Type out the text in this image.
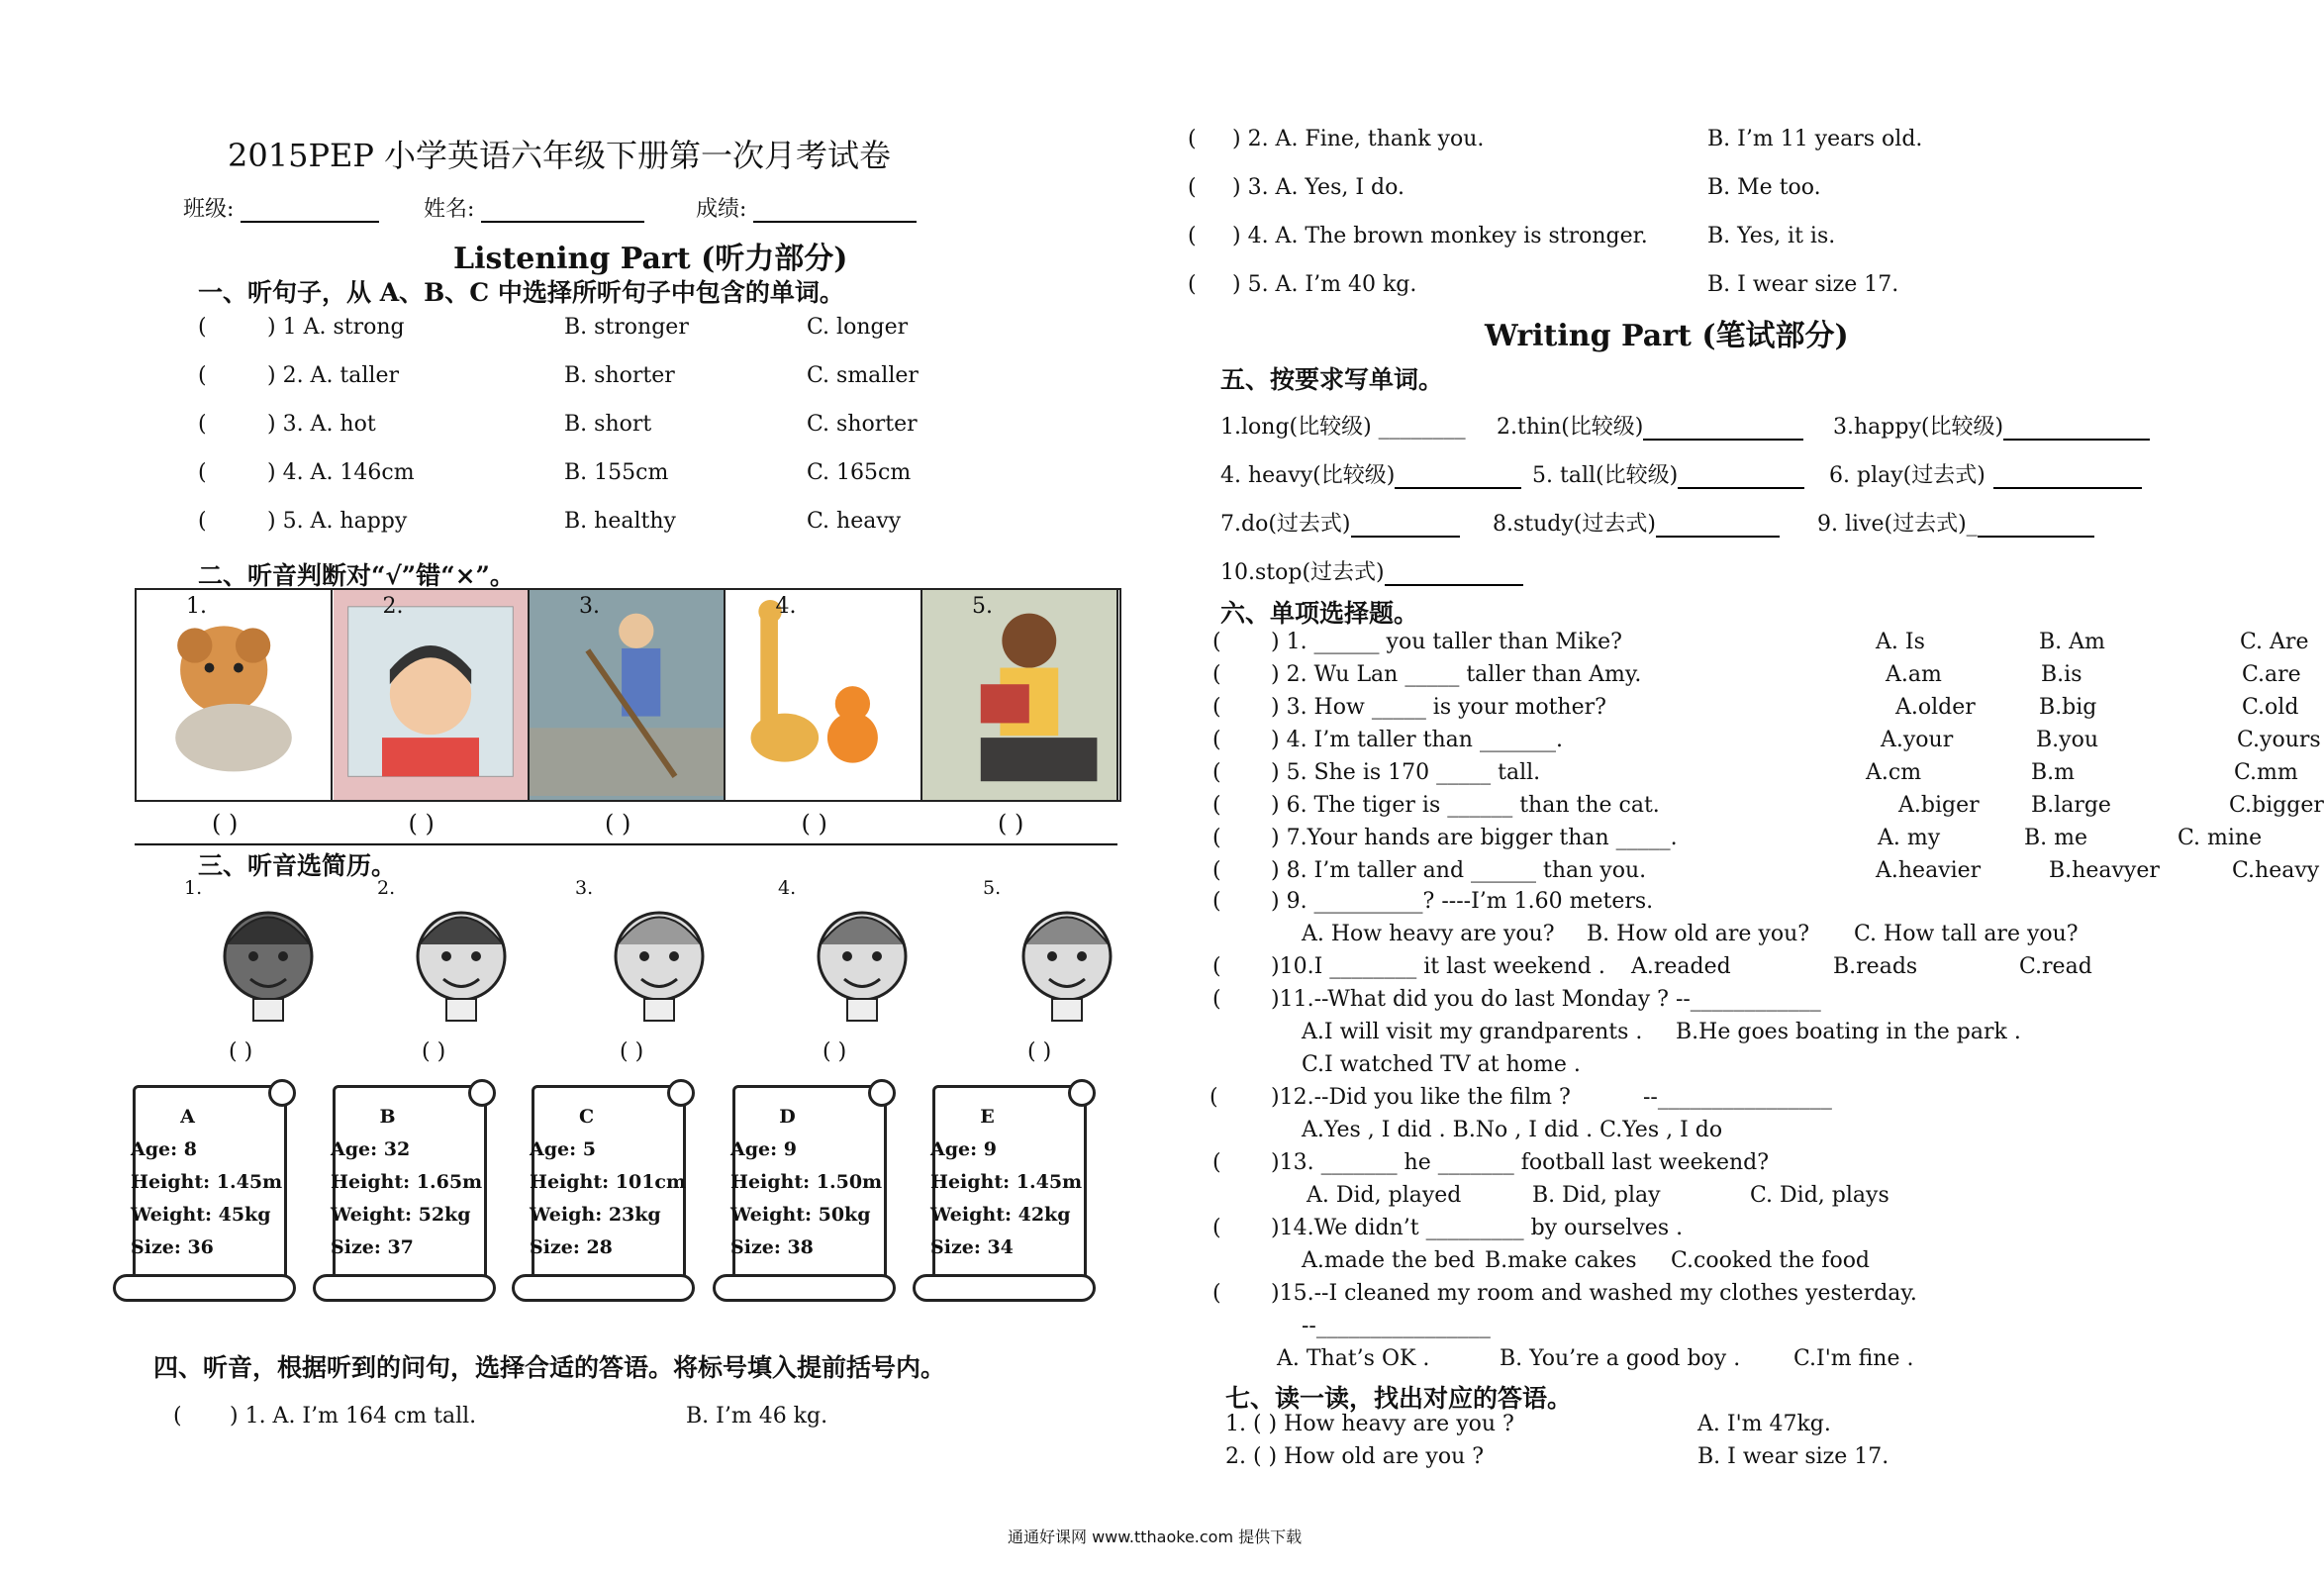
2015PEP 小学英语六年级下册第一次月考试卷
班级:	姓名:	成绩:
Listening Part (听力部分)
一、听句子，从 A、B、C 中选择所听句子中包含的单词。
(	) 1 A. strong	B. stronger	C. longer
(	) 2. A. taller	B. shorter	C. smaller
(	) 3. A. hot	B. short	C. shorter
(	) 4. A. 146cm	B. 155cm	C. 165cm
(	) 5. A. happy	B. healthy	C. heavy
二、听音判断对“√”错“×”。
1.	2.	3.	4.	5.
( )	( )	( )	( )	( )
三、听音选简历。
1.
( )
2.
( )
3.
( )
4.
( )
5.
( )
A
Age: 8
Height: 1.45m
Weight: 45kg
Size: 36
B
Age: 32
Height: 1.65m
Weight: 52kg
Size: 37
C
Age: 5
Height: 101cm
Weigh: 23kg
Size: 28
D
Age: 9
Height: 1.50m
Weight: 50kg
Size: 38
E
Age: 9
Height: 1.45m
Weight: 42kg
Size: 34
四、听音，根据听到的问句，选择合适的答语。将标号填入提前括号内。
( ) 1. A. I’m 164 cm tall.	B. I’m 46 kg.
( ) 2. A. Fine, thank you.	B. I’m 11 years old.
( ) 3. A. Yes, I do.	B. Me too.
( ) 4. A. The brown monkey is stronger.	B. Yes, it is.
( ) 5. A. I’m 40 kg.	B. I wear size 17.
Writing Part (笔试部分)
五、按要求写单词。
1.long(比较级) ________ 2.thin(比较级)	3.happy(比较级)
4. heavy(比较级)	5. tall(比较级)	6. play(过去式)
7.do(过去式)	8.study(过去式)	9. live(过去式)_
10.stop(过去式)
六、单项选择题。
( ) 1. ______ you taller than Mike?	A. Is	B. Am	C. Are
( ) 2. Wu Lan _____ taller than Amy.	A.am	B.is	C.are
( ) 3. How _____ is your mother?	A.older	B.big	C.old
( ) 4. I’m taller than _______.	A.your	B.you	C.yours
( ) 5. She is 170 _____ tall.	A.cm	B.m	C.mm
( ) 6. The tiger is ______ than the cat.	A.biger B.large	C.bigger
( ) 7.Your hands are bigger than _____.	A. my	B. me	C. mine
( ) 8. I’m taller and ______ than you.	A.heavier	B.heavyer	C.heavy
( ) 9. __________? ----I’m 1.60 meters.
A. How heavy are you? B. How old are you? C. How tall are you?
( )10.I ________ it last weekend . A.readed	B.reads	C.read
( )11.--What did you do last Monday ? --____________
A.I will visit my grandparents . B.He goes boating in the park .
C.I watched TV at home .
( )12.--Did you like the film ?	--________________
A.Yes , I did . B.No , I did . C.Yes , I do
( )13. _______ he _______ football last weekend?
A. Did, played	B. Did, play	C. Did, plays
( )14.We didn’t _________ by ourselves .
A.made the bed B.make cakes C.cooked the food
( )15.--I cleaned my room and washed my clothes yesterday.
--________________
A. That’s OK .	B. You’re a good boy . C.I'm fine .
七、读一读，找出对应的答语。
1. ( ) How heavy are you ?	A. I'm 47kg.
2. ( ) How old are you ?	B. I wear size 17.
通通好课网 www.tthaoke.com 提供下载
